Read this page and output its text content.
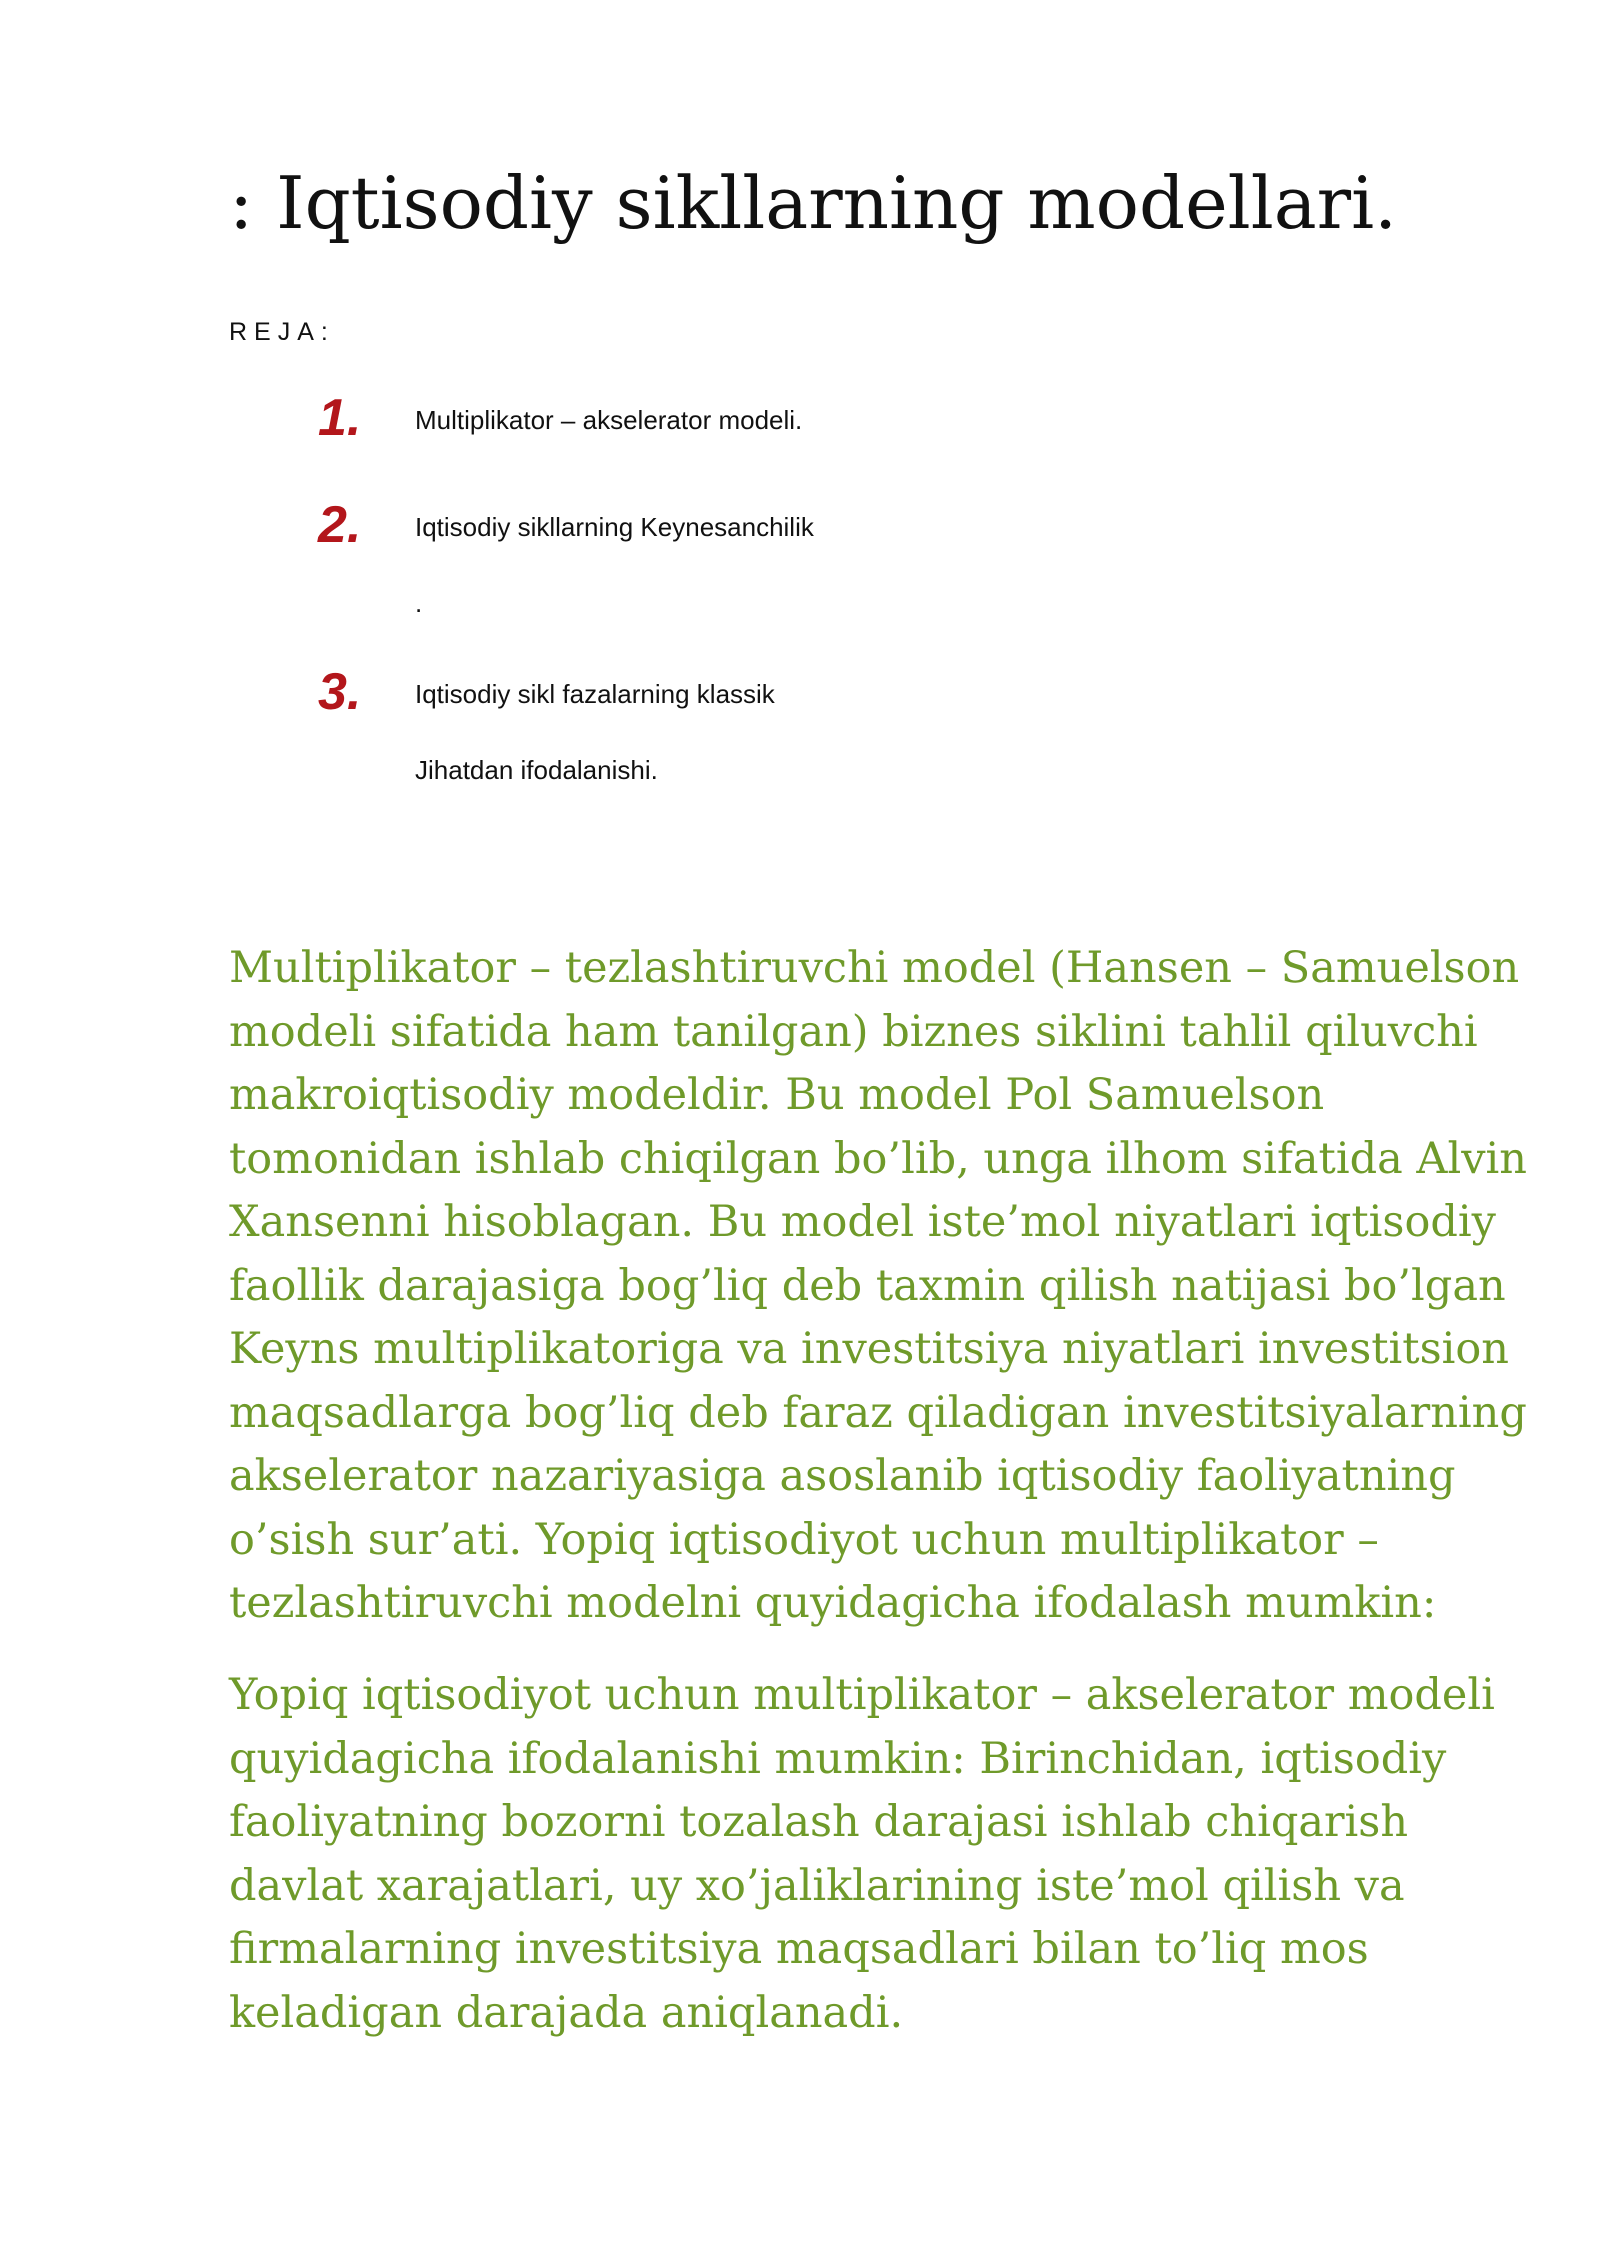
: Iqtisodiy sikllarning modellari.
REJA:
1. Multiplikator – akselerator modeli.
2. Iqtisodiy sikllarning Keynesanchilik
.
3. Iqtisodiy sikl fazalarning klassik
Jihatdan ifodalanishi.

Multiplikator – tezlashtiruvchi model (Hansen – Samuelson modeli sifatida ham tanilgan) biznes siklini tahlil qiluvchi makroiqtisodiy modeldir. Bu model Pol Samuelson tomonidan ishlab chiqilgan bo’lib, unga ilhom sifatida Alvin Xansenni hisoblagan. Bu model iste’mol niyatlari iqtisodiy faollik darajasiga bog’liq deb taxmin qilish natijasi bo’lgan Keyns multiplikatoriga va investitsiya niyatlari investitsion maqsadlarga bog’liq deb faraz qiladigan investitsiyalarning akselerator nazariyasiga asoslanib iqtisodiy faoliyatning o’sish sur’ati. Yopiq iqtisodiyot uchun multiplikator – tezlashtiruvchi modelni quyidagicha ifodalash mumkin:

Yopiq iqtisodiyot uchun multiplikator – akselerator modeli quyidagicha ifodalanishi mumkin: Birinchidan, iqtisodiy faoliyatning bozorni tozalash darajasi ishlab chiqarish davlat xarajatlari, uy xo’jaliklarining iste’mol qilish va firmalarning investitsiya maqsadlari bilan to’liq mos keladigan darajada aniqlanadi.
